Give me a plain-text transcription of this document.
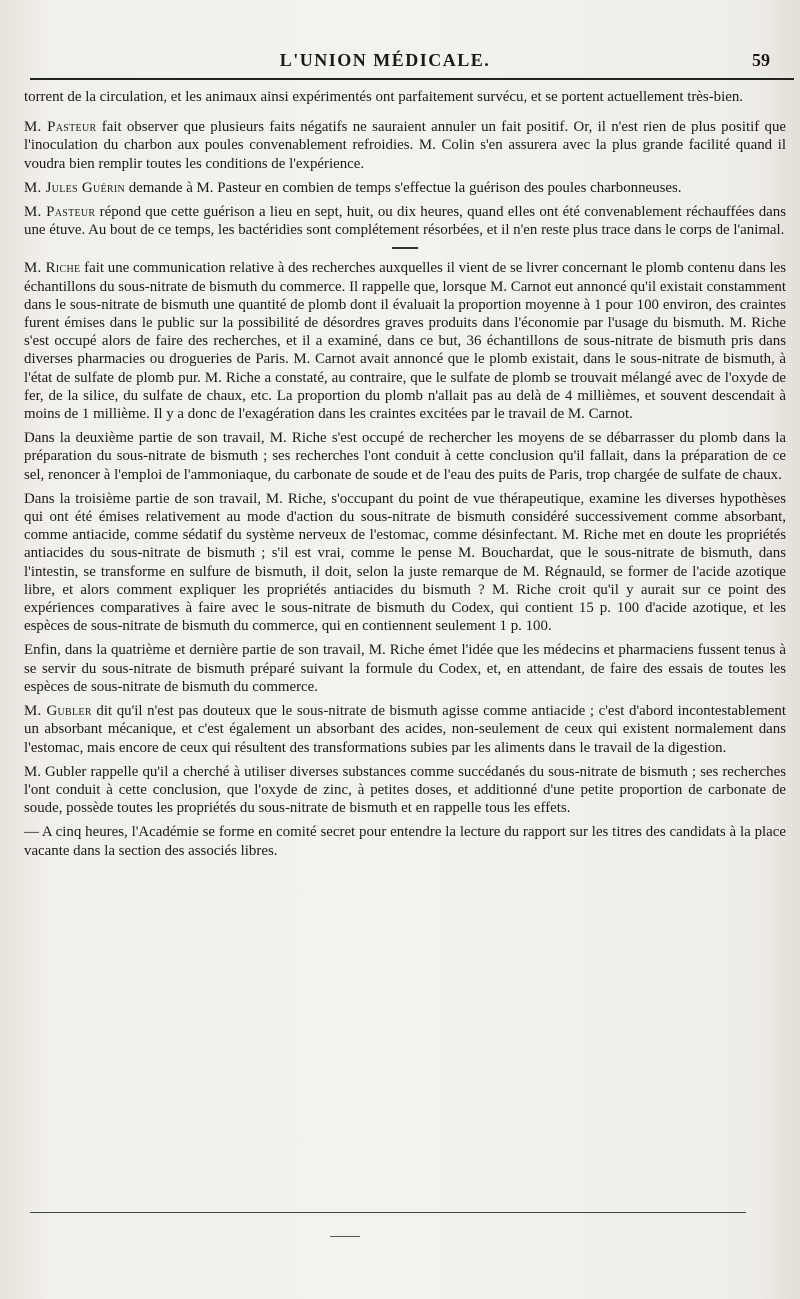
L'UNION MÉDICALE.	59

torrent de la circulation, et les animaux ainsi expérimentés ont parfaitement survécu, et se portent actuellement très-bien.

M. Pasteur fait observer que plusieurs faits négatifs ne sauraient annuler un fait positif. Or, il n'est rien de plus positif que l'inoculation du charbon aux poules convenablement refroidies. M. Colin s'en assurera avec la plus grande facilité quand il voudra bien remplir toutes les conditions de l'expérience.

M. Jules Guérin demande à M. Pasteur en combien de temps s'effectue la guérison des poules charbonneuses.

M. Pasteur répond que cette guérison a lieu en sept, huit, ou dix heures, quand elles ont été convenablement réchauffées dans une étuve. Au bout de ce temps, les bactéridies sont complétement résorbées, et il n'en reste plus trace dans le corps de l'animal.

M. Riche fait une communication relative à des recherches auxquelles il vient de se livrer concernant le plomb contenu dans les échantillons du sous-nitrate de bismuth du commerce. Il rappelle que, lorsque M. Carnot eut annoncé qu'il existait constamment dans le sous-nitrate de bismuth une quantité de plomb dont il évaluait la proportion moyenne à 1 pour 100 environ, des craintes furent émises dans le public sur la possibilité de désordres graves produits dans l'économie par l'usage du bismuth. M. Riche s'est occupé alors de faire des recherches, et il a examiné, dans ce but, 36 échantillons de sous-nitrate de bismuth pris dans diverses pharmacies ou drogueries de Paris. M. Carnot avait annoncé que le plomb existait, dans le sous-nitrate de bismuth, à l'état de sulfate de plomb pur. M. Riche a constaté, au contraire, que le sulfate de plomb se trouvait mélangé avec de l'oxyde de fer, de la silice, du sulfate de chaux, etc. La proportion du plomb n'allait pas au delà de 4 millièmes, et souvent descendait à moins de 1 millième. Il y a donc de l'exagération dans les craintes excitées par le travail de M. Carnot.

Dans la deuxième partie de son travail, M. Riche s'est occupé de rechercher les moyens de se débarrasser du plomb dans la préparation du sous-nitrate de bismuth ; ses recherches l'ont conduit à cette conclusion qu'il fallait, dans la préparation de ce sel, renoncer à l'emploi de l'ammoniaque, du carbonate de soude et de l'eau des puits de Paris, trop chargée de sulfate de chaux.

Dans la troisième partie de son travail, M. Riche, s'occupant du point de vue thérapeutique, examine les diverses hypothèses qui ont été émises relativement au mode d'action du sous-nitrate de bismuth considéré successivement comme absorbant, comme antiacide, comme sédatif du système nerveux de l'estomac, comme désinfectant. M. Riche met en doute les propriétés antiacides du sous-nitrate de bismuth ; s'il est vrai, comme le pense M. Bouchardat, que le sous-nitrate de bismuth, dans l'intestin, se transforme en sulfure de bismuth, il doit, selon la juste remarque de M. Régnauld, se former de l'acide azotique libre, et alors comment expliquer les propriétés antiacides du bismuth ? M. Riche croit qu'il y aurait sur ce point des expériences comparatives à faire avec le sous-nitrate de bismuth du Codex, qui contient 15 p. 100 d'acide azotique, et les espèces de sous-nitrate de bismuth du commerce, qui en contiennent seulement 1 p. 100.

Enfin, dans la quatrième et dernière partie de son travail, M. Riche émet l'idée que les médecins et pharmaciens fussent tenus à se servir du sous-nitrate de bismuth préparé suivant la formule du Codex, et, en attendant, de faire des essais de toutes les espèces de sous-nitrate de bismuth du commerce.

M. Gubler dit qu'il n'est pas douteux que le sous-nitrate de bismuth agisse comme antiacide ; c'est d'abord incontestablement un absorbant mécanique, et c'est également un absorbant des acides, non-seulement de ceux qui existent normalement dans l'estomac, mais encore de ceux qui résultent des transformations subies par les aliments dans le travail de la digestion.

M. Gubler rappelle qu'il a cherché à utiliser diverses substances comme succédanés du sous-nitrate de bismuth ; ses recherches l'ont conduit à cette conclusion, que l'oxyde de zinc, à petites doses, et additionné d'une petite proportion de carbonate de soude, possède toutes les propriétés du sous-nitrate de bismuth et en rappelle tous les effets.

— A cinq heures, l'Académie se forme en comité secret pour entendre la lecture du rapport sur les titres des candidats à la place vacante dans la section des associés libres.
